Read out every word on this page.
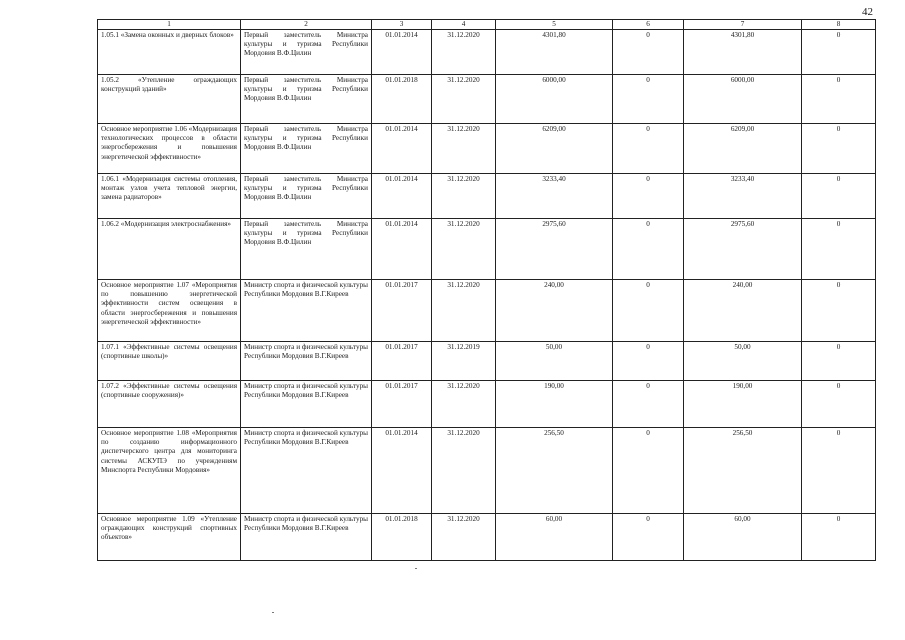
42
1	2	3	4	5	6	7	8
1.05.1 «Замена оконных и дверных блоков»	Первый заместитель Министра культуры и туризма Республики Мордовия В.Ф.Цилин	01.01.2014	31.12.2020	4301,80	0	4301,80	0
1.05.2 «Утепление ограждающих конструкций зданий»	Первый заместитель Министра культуры и туризма Республики Мордовия В.Ф.Цилин	01.01.2018	31.12.2020	6000,00	0	6000,00	0
Основное мероприятие 1.06 «Модернизация технологических процессов в области энергосбережения и повышения энергетической эффективности»	Первый заместитель Министра культуры и туризма Республики Мордовия В.Ф.Цилин	01.01.2014	31.12.2020	6209,00	0	6209,00	0
1.06.1 «Модернизация системы отопления, монтаж узлов учета тепловой энергии, замена радиаторов»	Первый заместитель Министра культуры и туризма Республики Мордовия В.Ф.Цилин	01.01.2014	31.12.2020	3233,40	0	3233,40	0
1.06.2 «Модернизация электроснабжения»	Первый заместитель Министра культуры и туризма Республики Мордовия В.Ф.Цилин	01.01.2014	31.12.2020	2975,60	0	2975,60	0
Основное мероприятие 1.07 «Мероприятия по повышению энергетической эффективности систем освещения в области энергосбережения и повышения энергетической эффективности»	Министр спорта и физической культуры Республики Мордовия В.Г.Киреев	01.01.2017	31.12.2020	240,00	0	240,00	0
1.07.1 «Эффективные системы освещения (спортивные школы)»	Министр спорта и физической культуры Республики Мордовия В.Г.Киреев	01.01.2017	31.12.2019	50,00	0	50,00	0
1.07.2 «Эффективные системы освещения (спортивные сооружения)»	Министр спорта и физической культуры Республики Мордовия В.Г.Киреев	01.01.2017	31.12.2020	190,00	0	190,00	0
Основное мероприятие 1.08 «Мероприятия по созданию информационного диспетчерского центра для мониторинга системы АСКУПЭ по учреждениям Минспорта Республики Мордовия»	Министр спорта и физической культуры Республики Мордовия В.Г.Киреев	01.01.2014	31.12.2020	256,50	0	256,50	0
Основное мероприятие 1.09 «Утепление ограждающих конструкций спортивных объектов»	Министр спорта и физической культуры Республики Мордовия В.Г.Киреев	01.01.2018	31.12.2020	60,00	0	60,00	0
